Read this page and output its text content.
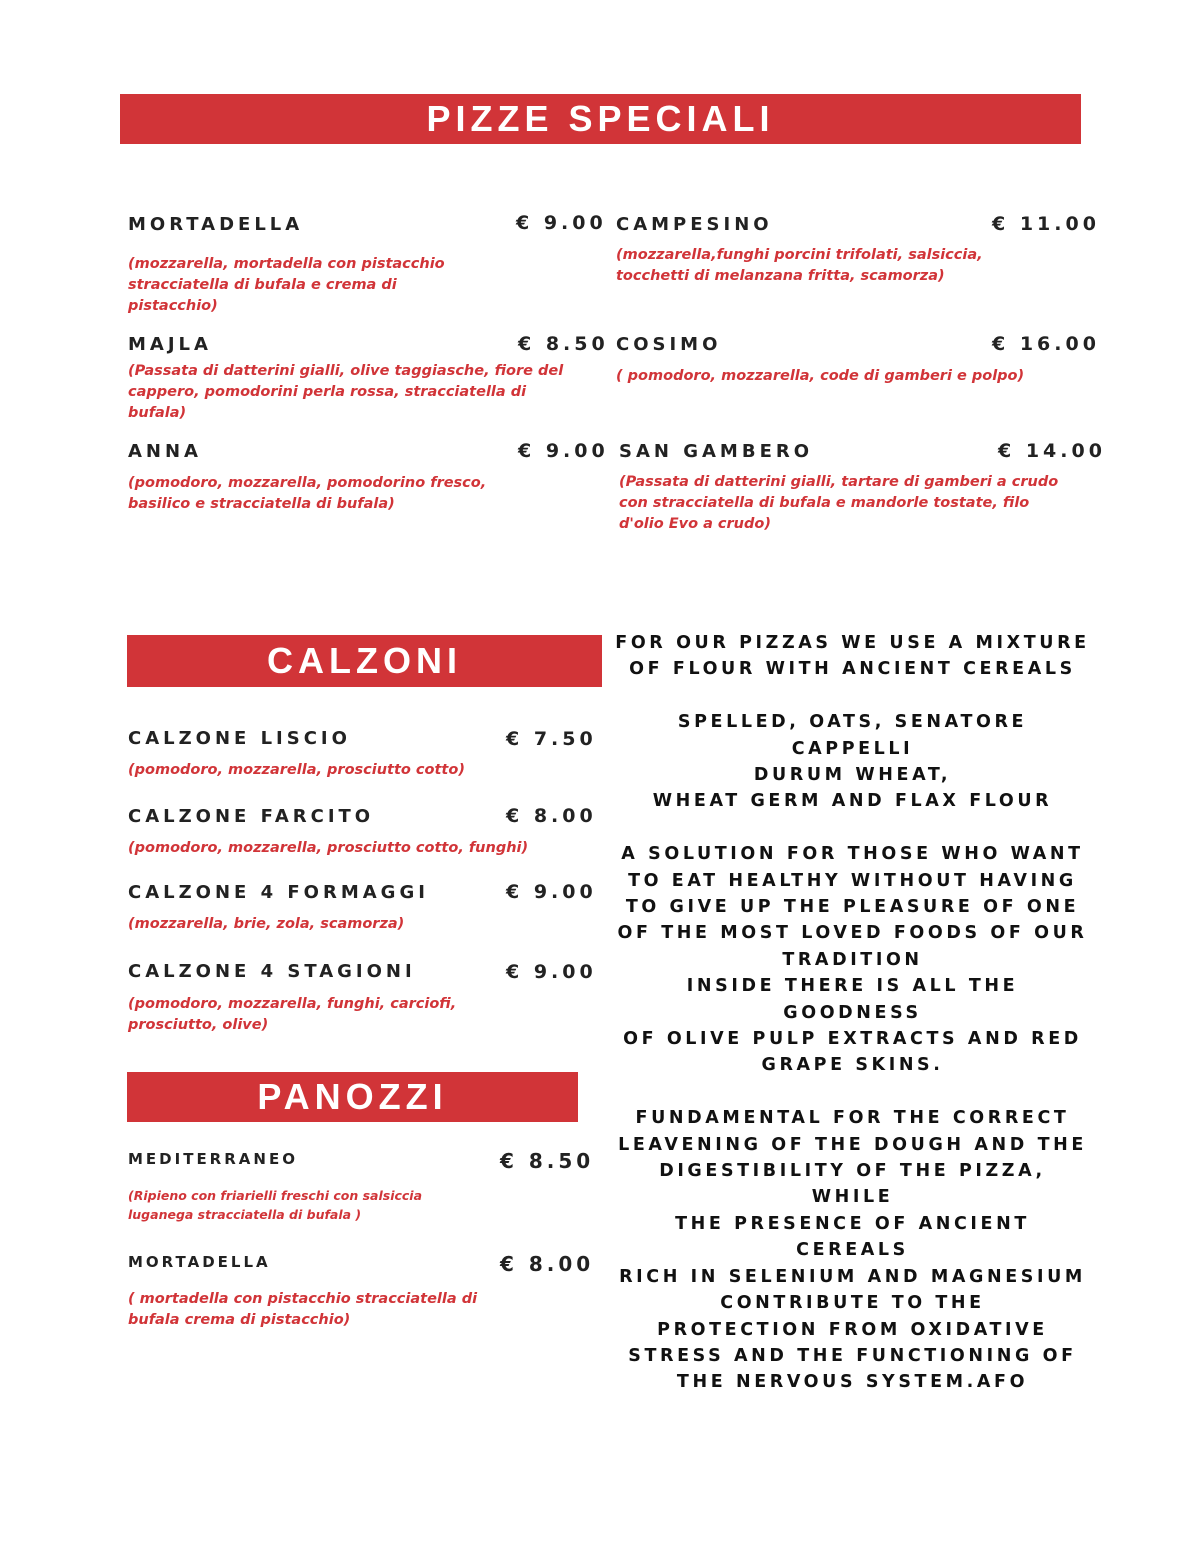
PIZZE SPECIALI
MORTADELLA	€ 9.00
(mozzarella, mortadella con pistacchio stracciatella di bufala e crema di pistacchio)
CAMPESINO	€ 11.00
(mozzarella,funghi porcini trifolati, salsiccia, tocchetti di melanzana fritta, scamorza)
MAJLA	€ 8.50
(Passata di datterini gialli, olive taggiasche, fiore del cappero, pomodorini perla rossa, stracciatella di bufala)
COSIMO	€ 16.00
( pomodoro, mozzarella, code di gamberi e polpo)
ANNA	€ 9.00
(pomodoro, mozzarella, pomodorino fresco, basilico e stracciatella di bufala)
SAN GAMBERO	€ 14.00
(Passata di datterini gialli, tartare di gamberi a crudo con stracciatella di bufala e mandorle tostate, filo d'olio Evo a crudo)
CALZONI
CALZONE LISCIO	€ 7.50
(pomodoro, mozzarella, prosciutto cotto)
CALZONE FARCITO	€ 8.00
(pomodoro, mozzarella, prosciutto cotto, funghi)
CALZONE 4 FORMAGGI	€ 9.00
(mozzarella, brie, zola, scamorza)
CALZONE 4 STAGIONI	€ 9.00
(pomodoro, mozzarella, funghi, carciofi, prosciutto, olive)
PANOZZI
MEDITERRANEO	€ 8.50
(Ripieno con friarielli freschi con salsiccia luganega stracciatella di bufala )
MORTADELLA	€ 8.00
( mortadella con pistacchio stracciatella di bufala crema di pistacchio)
FOR OUR PIZZAS WE USE A MIXTURE
OF FLOUR WITH ANCIENT CEREALS
SPELLED, OATS, SENATORE CAPPELLI
DURUM WHEAT,
WHEAT GERM AND FLAX FLOUR
A SOLUTION FOR THOSE WHO WANT
TO EAT HEALTHY WITHOUT HAVING
TO GIVE UP THE PLEASURE OF ONE
OF THE MOST LOVED FOODS OF OUR
TRADITION
INSIDE THERE IS ALL THE GOODNESS
OF OLIVE PULP EXTRACTS AND RED
GRAPE SKINS.
FUNDAMENTAL FOR THE CORRECT
LEAVENING OF THE DOUGH AND THE
DIGESTIBILITY OF THE PIZZA, WHILE
THE PRESENCE OF ANCIENT CEREALS
RICH IN SELENIUM AND MAGNESIUM
CONTRIBUTE TO THE
PROTECTION FROM OXIDATIVE
STRESS AND THE FUNCTIONING OF
THE NERVOUS SYSTEM.AFO
